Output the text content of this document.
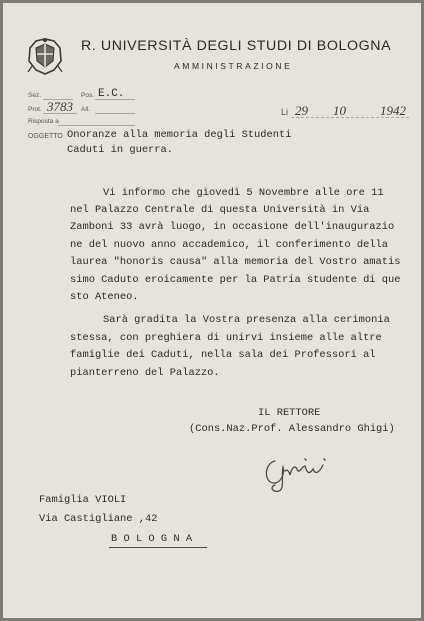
R. UNIVERSITÀ DEGLI STUDI DI BOLOGNA
AMMINISTRAZIONE
Sez.	Pos. E.C.
Prot. 3783 All.
Risposta a
Li 29 10	1942
OGGETTO Onoranze alla memoria degli Studenti
Caduti in guerra.
Vi informo che giovedì 5 Novembre alle ore 11
nel Palazzo Centrale di questa Università in Via
Zamboni 33 avrà luogo, in occasione dell'inaugurazio
ne del nuovo anno accademico, il conferimento della
laurea "honoris causa" alla memoria del Vostro amatis
simo Caduto eroicamente per la Patria studente di que
sto Ateneo.
Sarà gradita la Vostra presenza alla cerimonia
stessa, con preghiera di unirvi insieme alle altre
famiglie dei Caduti, nella sala dei Professori al
pianterreno del Palazzo.
IL RETTORE
(Cons.Naz.Prof. Alessandro Ghigi)
Famiglia VIOLI
Via Castigliane ,42
B O L O G N A
